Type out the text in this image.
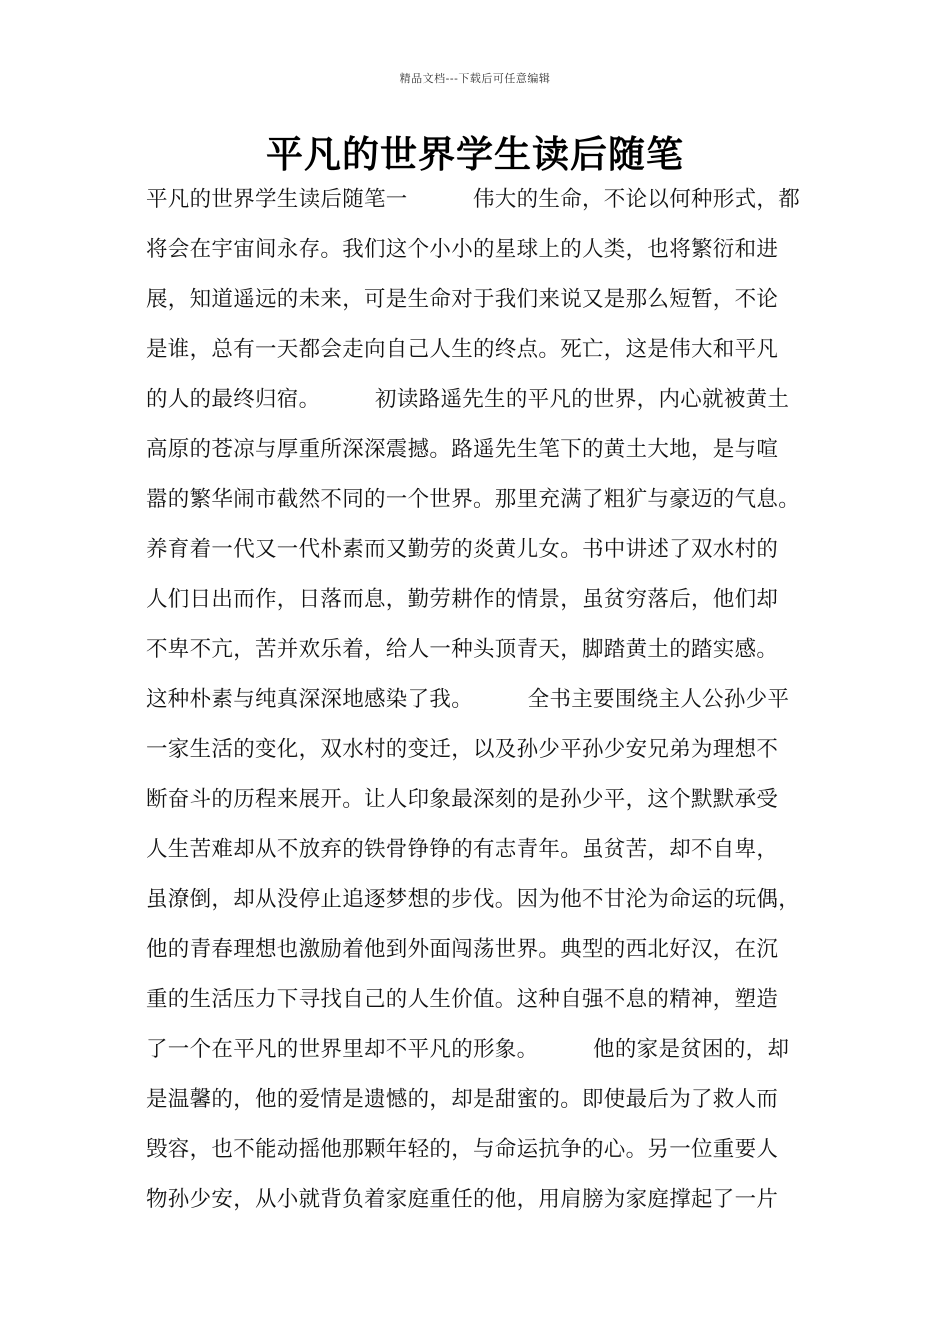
精品文档---下载后可任意编辑
平凡的世界学生读后随笔
平凡的世界学生读后随笔一　　　伟大的生命，不论以何种形式，都
将会在宇宙间永存。我们这个小小的星球上的人类，也将繁衍和进
展，知道遥远的未来，可是生命对于我们来说又是那么短暂，不论
是谁，总有一天都会走向自己人生的终点。死亡，这是伟大和平凡
的人的最终归宿。　　　初读路遥先生的平凡的世界，内心就被黄土
高原的苍凉与厚重所深深震撼。路遥先生笔下的黄土大地，是与喧
嚣的繁华闹市截然不同的一个世界。那里充满了粗犷与豪迈的气息。
养育着一代又一代朴素而又勤劳的炎黄儿女。书中讲述了双水村的
人们日出而作，日落而息，勤劳耕作的情景，虽贫穷落后，他们却
不卑不亢，苦并欢乐着，给人一种头顶青天，脚踏黄土的踏实感。
这种朴素与纯真深深地感染了我。　　　全书主要围绕主人公孙少平
一家生活的变化，双水村的变迁，以及孙少平孙少安兄弟为理想不
断奋斗的历程来展开。让人印象最深刻的是孙少平，这个默默承受
人生苦难却从不放弃的铁骨铮铮的有志青年。虽贫苦，却不自卑，
虽潦倒，却从没停止追逐梦想的步伐。因为他不甘沦为命运的玩偶，
他的青春理想也激励着他到外面闯荡世界。典型的西北好汉，在沉
重的生活压力下寻找自己的人生价值。这种自强不息的精神，塑造
了一个在平凡的世界里却不平凡的形象。　　　他的家是贫困的，却
是温馨的，他的爱情是遗憾的，却是甜蜜的。即使最后为了救人而
毁容，也不能动摇他那颗年轻的，与命运抗争的心。另一位重要人
物孙少安，从小就背负着家庭重任的他，用肩膀为家庭撑起了一片
